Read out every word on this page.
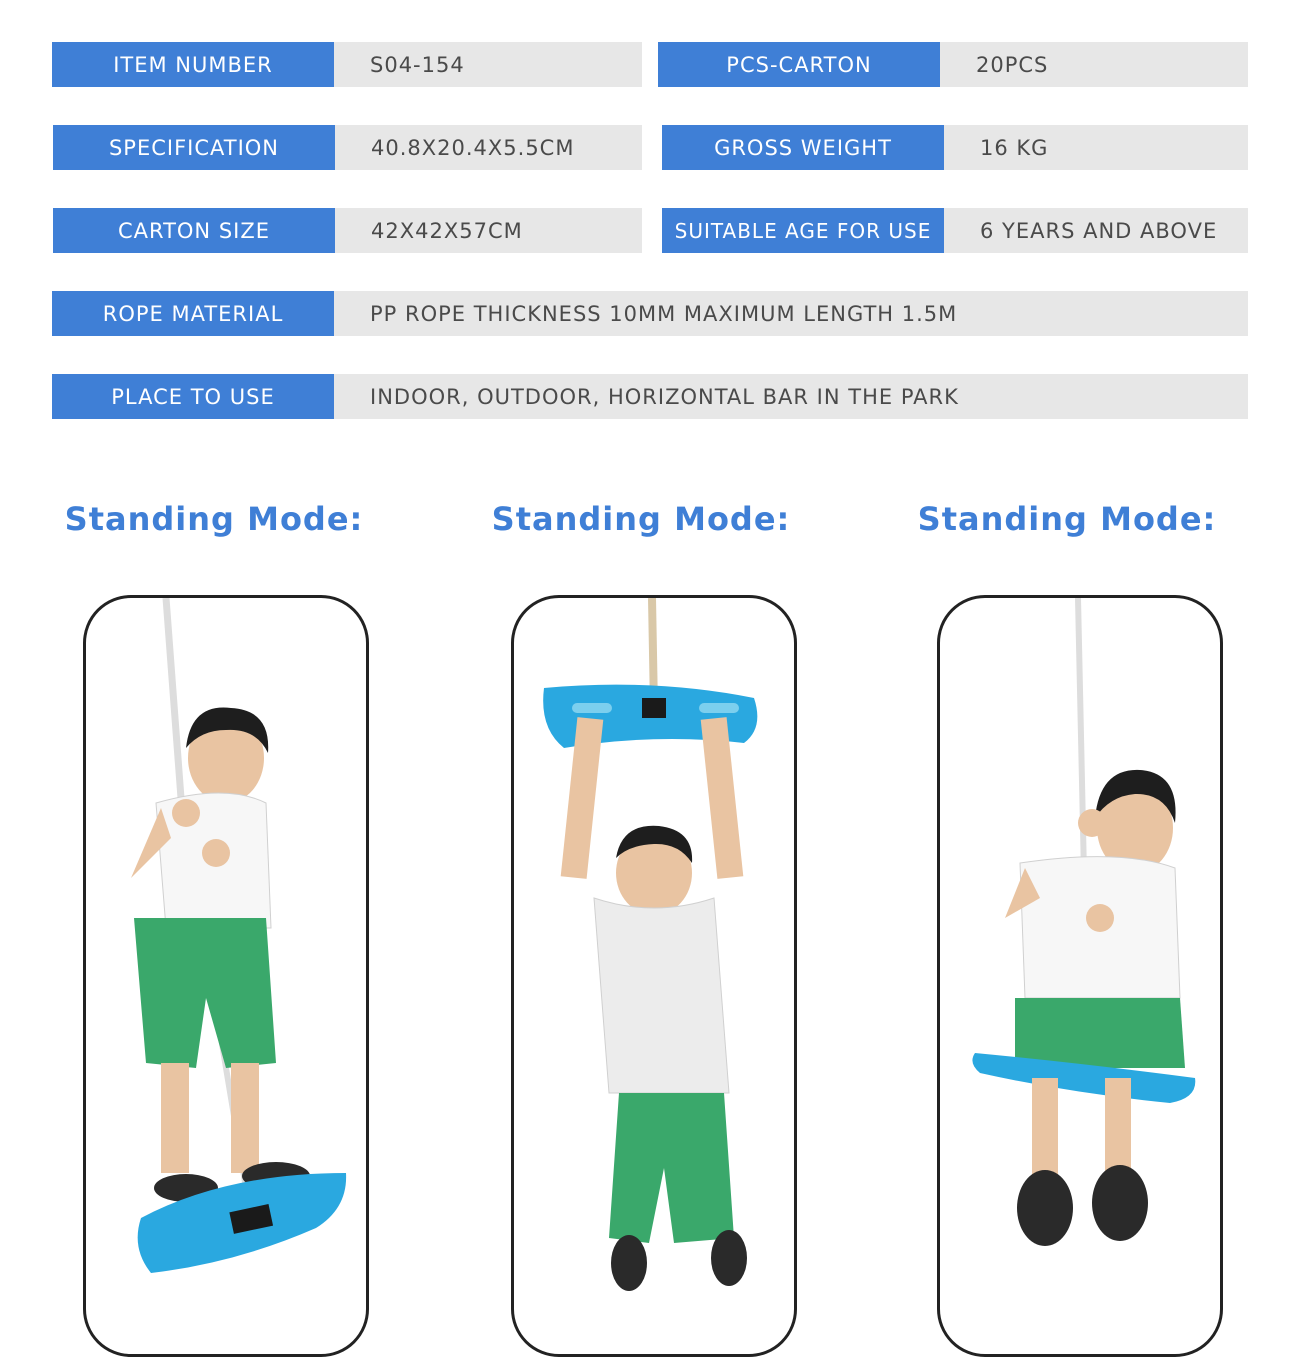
ITEM NUMBER	S04-154	PCS-CARTON	20PCS
SPECIFICATION	40.8X20.4X5.5CM	GROSS WEIGHT	16 KG
CARTON SIZE	42X42X57CM	SUITABLE AGE FOR USE	6 YEARS AND ABOVE
ROPE MATERIAL	PP ROPE THICKNESS 10MM MAXIMUM LENGTH 1.5M
PLACE TO USE	INDOOR, OUTDOOR, HORIZONTAL BAR IN THE PARK
Standing Mode:	Standing Mode:	Standing Mode:
